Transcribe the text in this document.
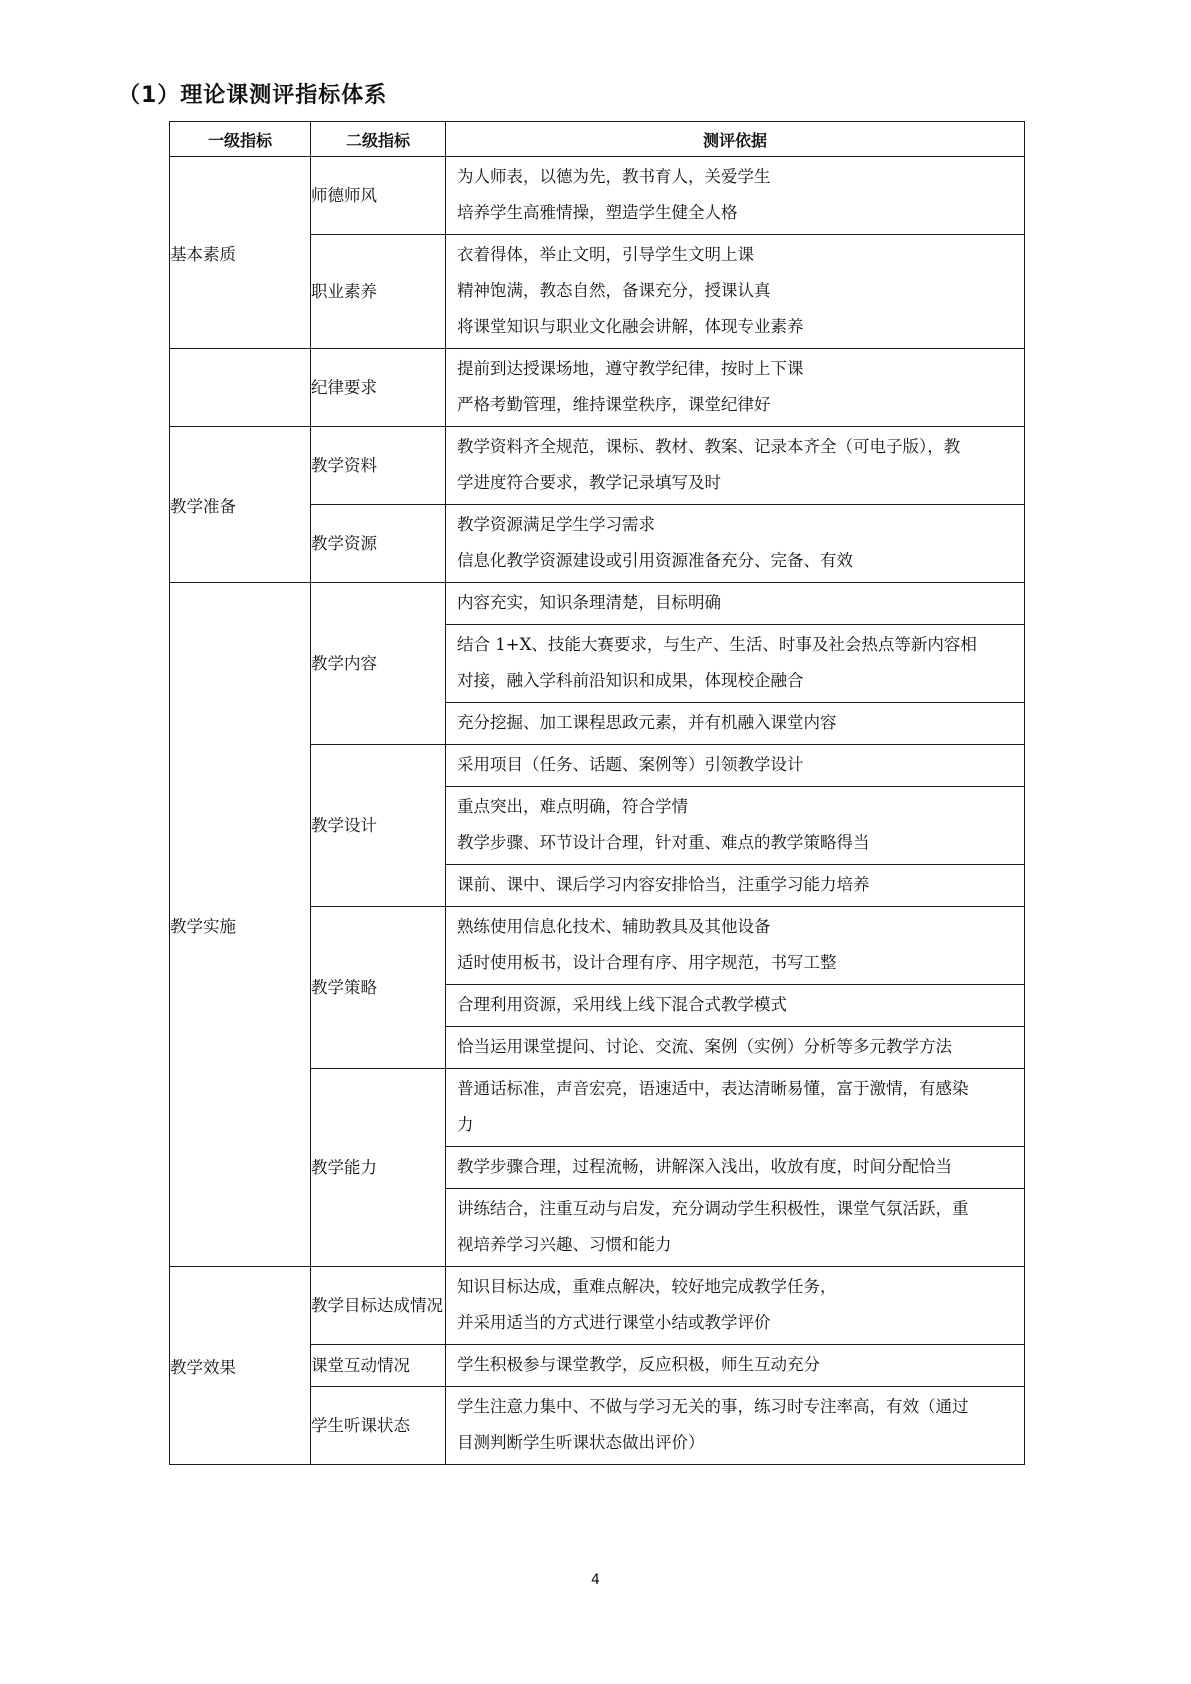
（1）理论课测评指标体系
一级指标	二级指标	测评依据
基本素质	师德师风	为人师表，以德为先，教书育人，关爱学生
培养学生高雅情操，塑造学生健全人格

	职业素养	衣着得体，举止文明，引导学生文明上课
精神饱满，教态自然，备课充分，授课认真
将课堂知识与职业文化融会讲解，体现专业素养

	纪律要求	提前到达授课场地，遵守教学纪律，按时上下课
严格考勤管理，维持课堂秩序，课堂纪律好

教学准备	教学资料	教学资料齐全规范，课标、教材、教案、记录本齐全（可电子版），教
学进度符合要求，教学记录填写及时

	教学资源	教学资源满足学生学习需求
信息化教学资源建设或引用资源准备充分、完备、有效

教学实施	教学内容	内容充实，知识条理清楚，目标明确
结合 1+X、技能大赛要求，与生产、生活、时事及社会热点等新内容相
对接，融入学科前沿知识和成果，体现校企融合
充分挖掘、加工课程思政元素，并有机融入课堂内容

	教学设计	采用项目（任务、话题、案例等）引领教学设计
重点突出，难点明确，符合学情
教学步骤、环节设计合理，针对重、难点的教学策略得当
课前、课中、课后学习内容安排恰当，注重学习能力培养

	教学策略	熟练使用信息化技术、辅助教具及其他设备
适时使用板书，设计合理有序、用字规范，书写工整
合理利用资源，采用线上线下混合式教学模式
恰当运用课堂提问、讨论、交流、案例（实例）分析等多元教学方法

	教学能力	普通话标准，声音宏亮，语速适中，表达清晰易懂，富于激情，有感染
力
教学步骤合理，过程流畅，讲解深入浅出，收放有度，时间分配恰当
讲练结合，注重互动与启发，充分调动学生积极性，课堂气氛活跃，重
视培养学习兴趣、习惯和能力

教学效果	教学目标达成情况	知识目标达成，重难点解决，较好地完成教学任务，
并采用适当的方式进行课堂小结或教学评价

	课堂互动情况	学生积极参与课堂教学，反应积极，师生互动充分

	学生听课状态	学生注意力集中、不做与学习无关的事，练习时专注率高，有效（通过
目测判断学生听课状态做出评价）
4
